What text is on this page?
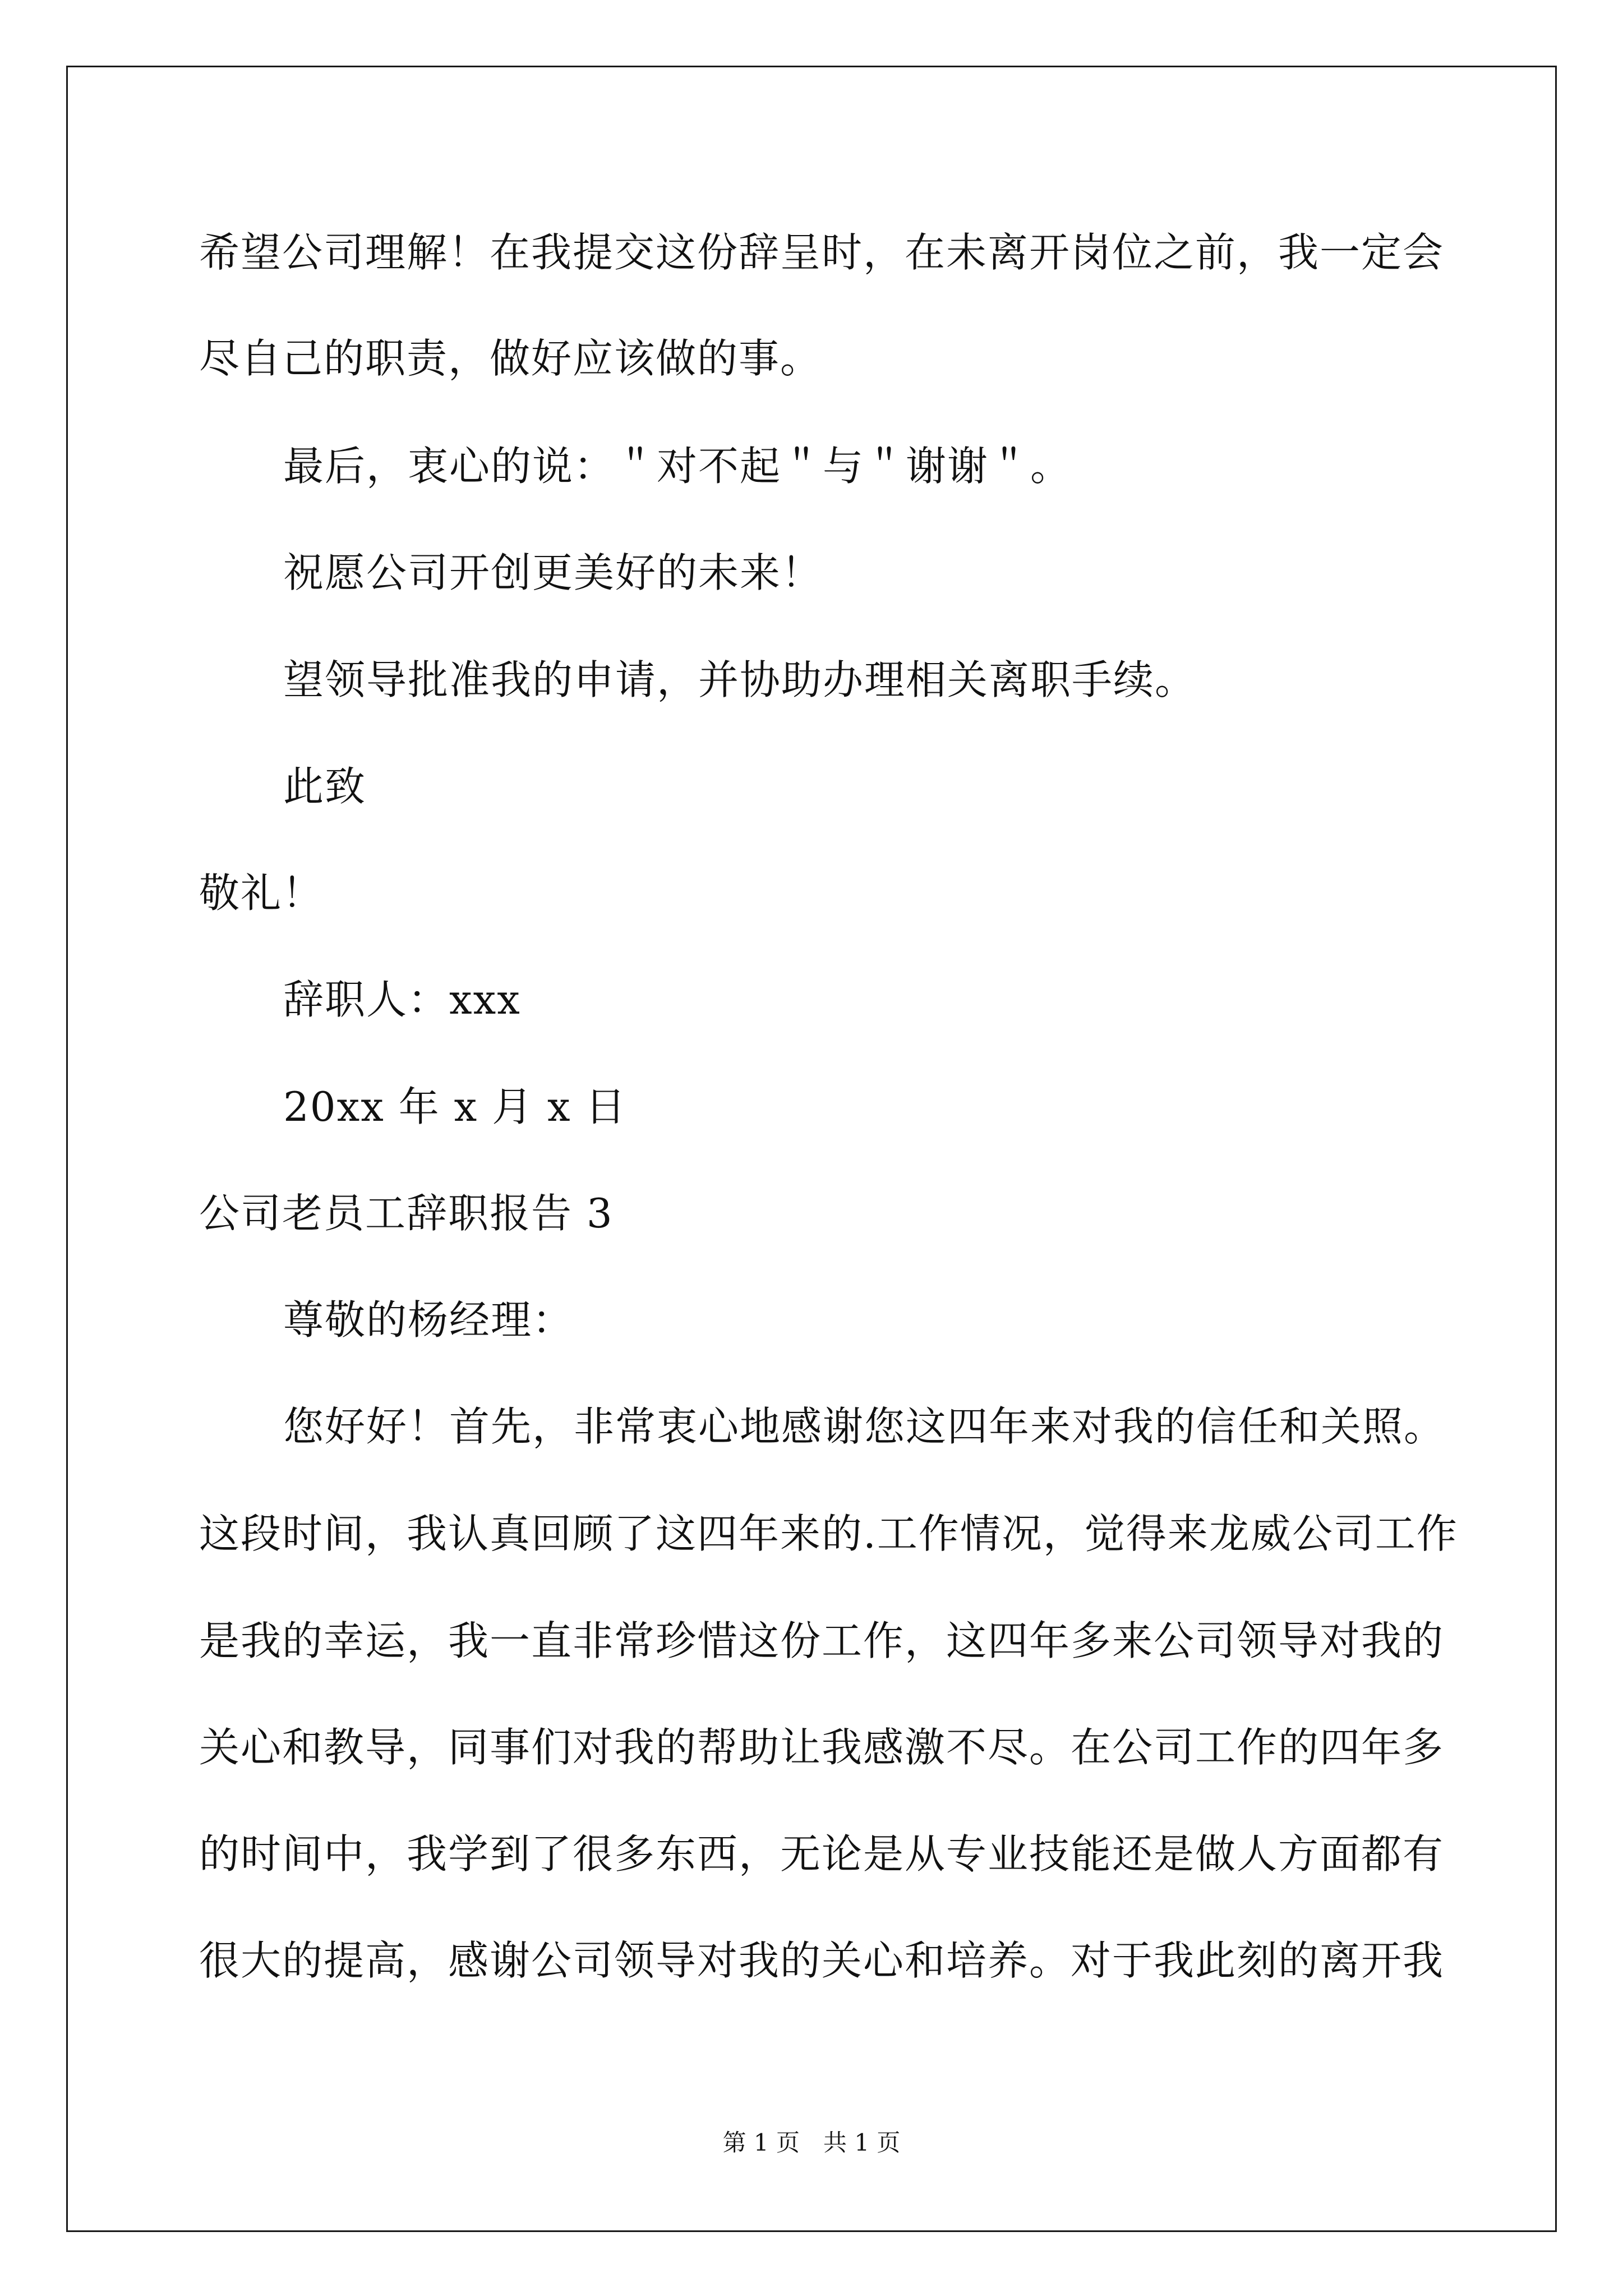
希望公司理解！在我提交这份辞呈时，在未离开岗位之前，我一定会
尽自己的职责，做好应该做的事。
最后，衷心的说：＂对不起＂与＂谢谢＂。
祝愿公司开创更美好的未来！
望领导批准我的申请，并协助办理相关离职手续。
此致
敬礼！
辞职人：xxx
20xx 年 x 月 x 日
公司老员工辞职报告 3
尊敬的杨经理：
您好好！首先，非常衷心地感谢您这四年来对我的信任和关照。
这段时间，我认真回顾了这四年来的.工作情况，觉得来龙威公司工作
是我的幸运，我一直非常珍惜这份工作，这四年多来公司领导对我的
关心和教导，同事们对我的帮助让我感激不尽。在公司工作的四年多
的时间中，我学到了很多东西，无论是从专业技能还是做人方面都有
很大的提高，感谢公司领导对我的关心和培养。对于我此刻的离开我
第 1 页　共 1 页
